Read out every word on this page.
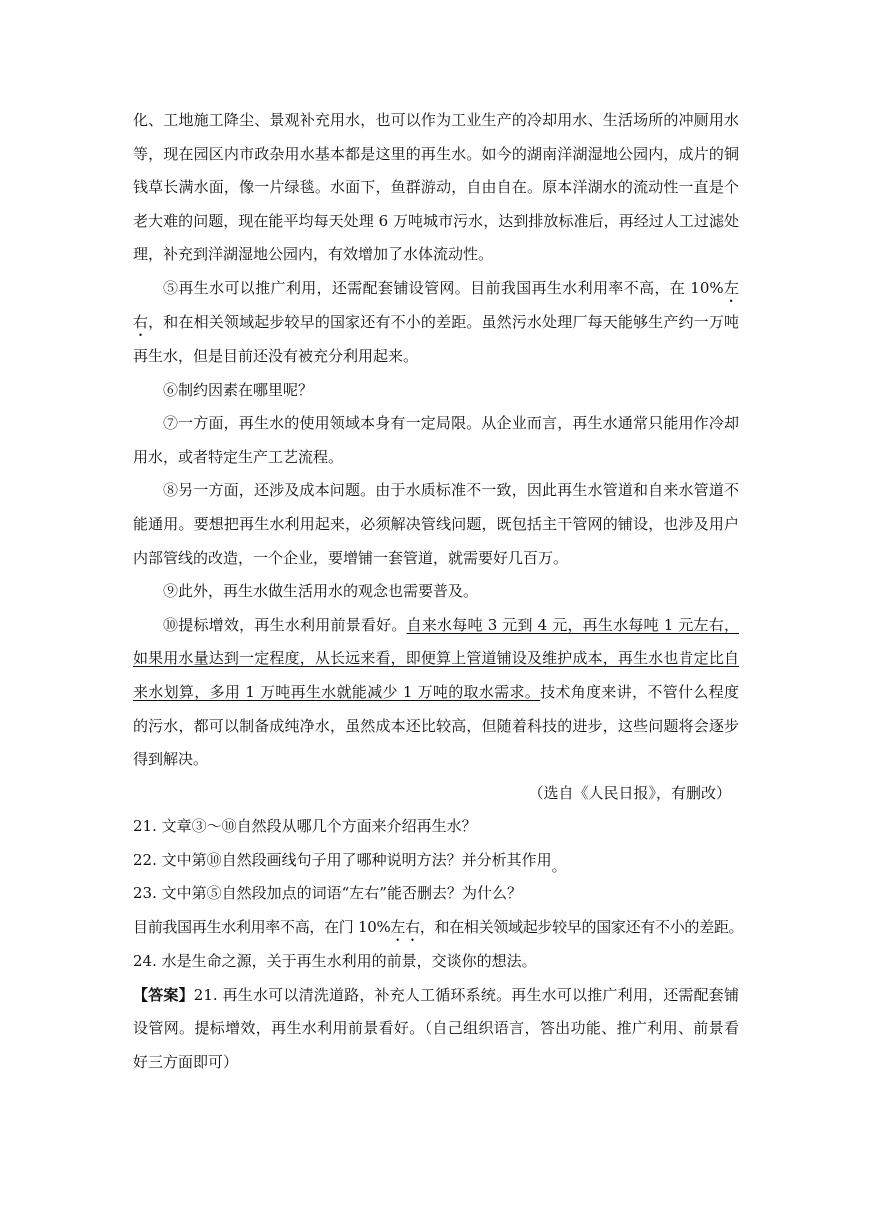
化、工地施工降尘、景观补充用水，也可以作为工业生产的冷却用水、生活场所的冲厕用水等，现在园区内市政杂用水基本都是这里的再生水。如今的湖南洋湖湿地公园内，成片的铜钱草长满水面，像一片绿毯。水面下，鱼群游动，自由自在。原本洋湖水的流动性一直是个老大难的问题，现在能平均每天处理 6 万吨城市污水，达到排放标准后，再经过人工过滤处理，补充到洋湖湿地公园内，有效增加了水体流动性。

⑤再生水可以推广利用，还需配套铺设管网。目前我国再生水利用率不高，在 10%左右，和在相关领域起步较早的国家还有不小的差距。虽然污水处理厂每天能够生产约一万吨再生水，但是目前还没有被充分利用起来。

⑥制约因素在哪里呢？

⑦一方面，再生水的使用领域本身有一定局限。从企业而言，再生水通常只能用作冷却用水，或者特定生产工艺流程。

⑧另一方面，还涉及成本问题。由于水质标准不一致，因此再生水管道和自来水管道不能通用。要想把再生水利用起来，必须解决管线问题，既包括主干管网的铺设，也涉及用户内部管线的改造，一个企业，要增铺一套管道，就需要好几百万。

⑨此外，再生水做生活用水的观念也需要普及。

⑩提标增效，再生水利用前景看好。自来水每吨 3 元到 4 元，再生水每吨 1 元左右，如果用水量达到一定程度，从长远来看，即便算上管道铺设及维护成本，再生水也肯定比自来水划算，多用 1 万吨再生水就能减少 1 万吨的取水需求。技术角度来讲，不管什么程度的污水，都可以制备成纯净水，虽然成本还比较高，但随着科技的进步，这些问题将会逐步得到解决。

（选自《人民日报》，有删改）

21. 文章③～⑩自然段从哪几个方面来介绍再生水？

22. 文中第⑩自然段画线句子用了哪种说明方法？并分析其作用。

23. 文中第⑤自然段加点的词语“左右”能否删去？为什么？

目前我国再生水利用率不高，在门 10%左右，和在相关领域起步较早的国家还有不小的差距。

24. 水是生命之源，关于再生水利用的前景，交谈你的想法。

【答案】21. 再生水可以清洗道路，补充人工循环系统。再生水可以推广利用，还需配套铺设管网。提标增效，再生水利用前景看好。（自己组织语言，答出功能、推广利用、前景看好三方面即可）
